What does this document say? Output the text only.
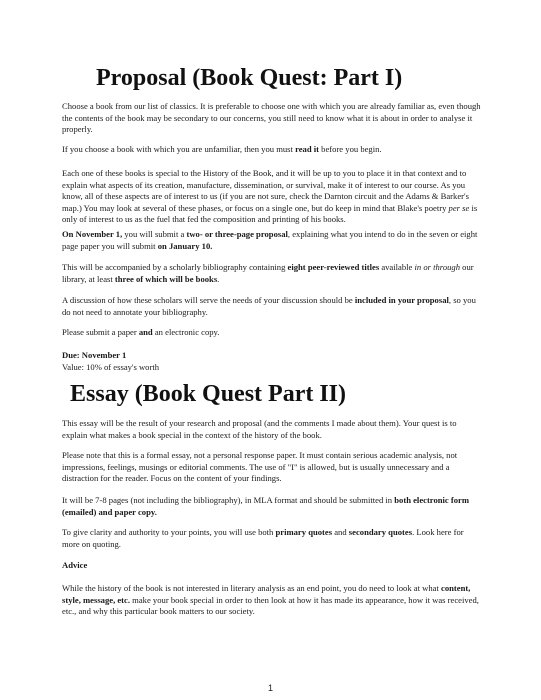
Proposal (Book Quest: Part I)

Choose a book from our list of classics. It is preferable to choose one with which you are already familiar as, even though the contents of the book may be secondary to our concerns, you still need to know what it is about in order to analyse it properly.

If you choose a book with which you are unfamiliar, then you must read it before you begin.

Each one of these books is special to the History of the Book, and it will be up to you to place it in that context and to explain what aspects of its creation, manufacture, dissemination, or survival, make it of interest to our course. As you know, all of these aspects are of interest to us (if you are not sure, check the Darnton circuit and the Adams & Barker's map.) You may look at several of these phases, or focus on a single one, but do keep in mind that Blake's poetry per se is only of interest to us as the fuel that fed the composition and printing of his books.

On November 1, you will submit a two- or three-page proposal, explaining what you intend to do in the seven or eight page paper you will submit on January 10.

This will be accompanied by a scholarly bibliography containing eight peer-reviewed titles available in or through our library, at least three of which will be books.

A discussion of how these scholars will serve the needs of your discussion should be included in your proposal, so you do not need to annotate your bibliography.

Please submit a paper and an electronic copy.

Due: November 1
Value: 10% of essay's worth

Essay (Book Quest Part II)

This essay will be the result of your research and proposal (and the comments I made about them). Your quest is to explain what makes a book special in the context of the history of the book.

Please note that this is a formal essay, not a personal response paper. It must contain serious academic analysis, not impressions, feelings, musings or editorial comments. The use of "I" is allowed, but is usually unnecessary and a distraction for the reader. Focus on the content of your findings.

It will be 7-8 pages (not including the bibliography), in MLA format and should be submitted in both electronic form (emailed) and paper copy.

To give clarity and authority to your points, you will use both primary quotes and secondary quotes. Look here for more on quoting.

Advice

While the history of the book is not interested in literary analysis as an end point, you do need to look at what content, style, message, etc. make your book special in order to then look at how it has made its appearance, how it was received, etc., and why this particular book matters to our society.

1
